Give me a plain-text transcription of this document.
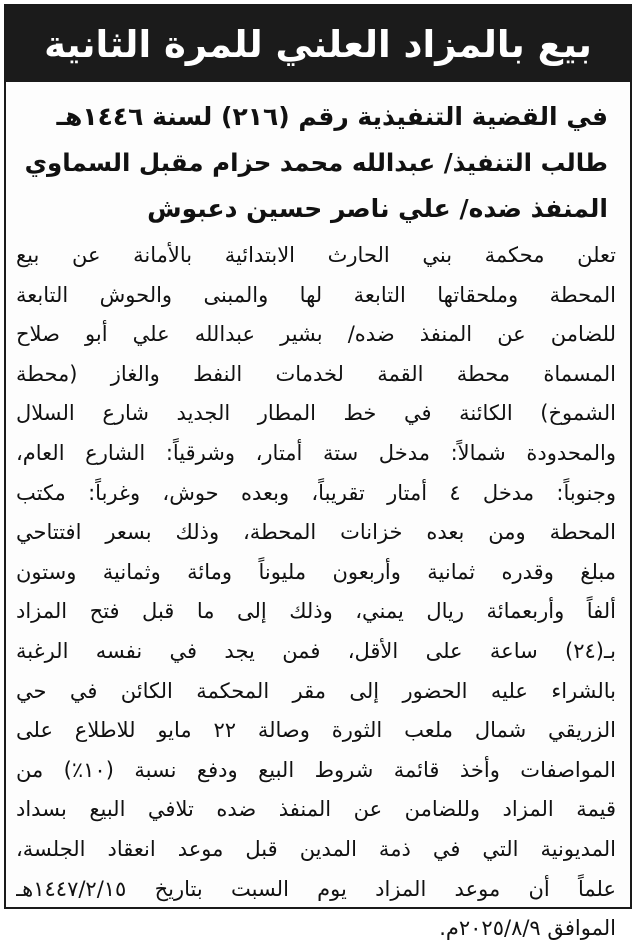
بيع بالمزاد العلني للمرة الثانية
في القضية التنفيذية رقم (٢١٦) لسنة ١٤٤٦هـ
طالب التنفيذ/ عبدالله محمد حزام مقبل السماوي
المنفذ ضده/ علي ناصر حسين دعبوش
تعلن محكمة بني الحارث الابتدائية بالأمانة عن بيع
المحطة وملحقاتها التابعة لها والمبنى والحوش التابعة
للضامن عن المنفذ ضده/ بشير عبدالله علي أبو صلاح
المسماة محطة القمة لخدمات النفط والغاز (محطة
الشموخ) الكائنة في خط المطار الجديد شارع السلال
والمحدودة شمالاً: مدخل ستة أمتار، وشرقياً: الشارع العام،
وجنوباً: مدخل ٤ أمتار تقريباً، وبعده حوش، وغرباً: مكتب
المحطة ومن بعده خزانات المحطة، وذلك بسعر افتتاحي
مبلغ وقدره ثمانية وأربعون مليوناً ومائة وثمانية وستون
ألفاً وأربعمائة ريال يمني، وذلك إلى ما قبل فتح المزاد
بـ(٢٤) ساعة على الأقل، فمن يجد في نفسه الرغبة
بالشراء عليه الحضور إلى مقر المحكمة الكائن في حي
الزريقي شمال ملعب الثورة وصالة ٢٢ مايو للاطلاع على
المواصفات وأخذ قائمة شروط البيع ودفع نسبة (١٠٪) من
قيمة المزاد وللضامن عن المنفذ ضده تلافي البيع بسداد
المديونية التي في ذمة المدين قبل موعد انعقاد الجلسة،
علماً أن موعد المزاد يوم السبت بتاريخ ١٤٤٧/٢/١٥هـ
الموافق ٢٠٢٥/٨/٩م.
